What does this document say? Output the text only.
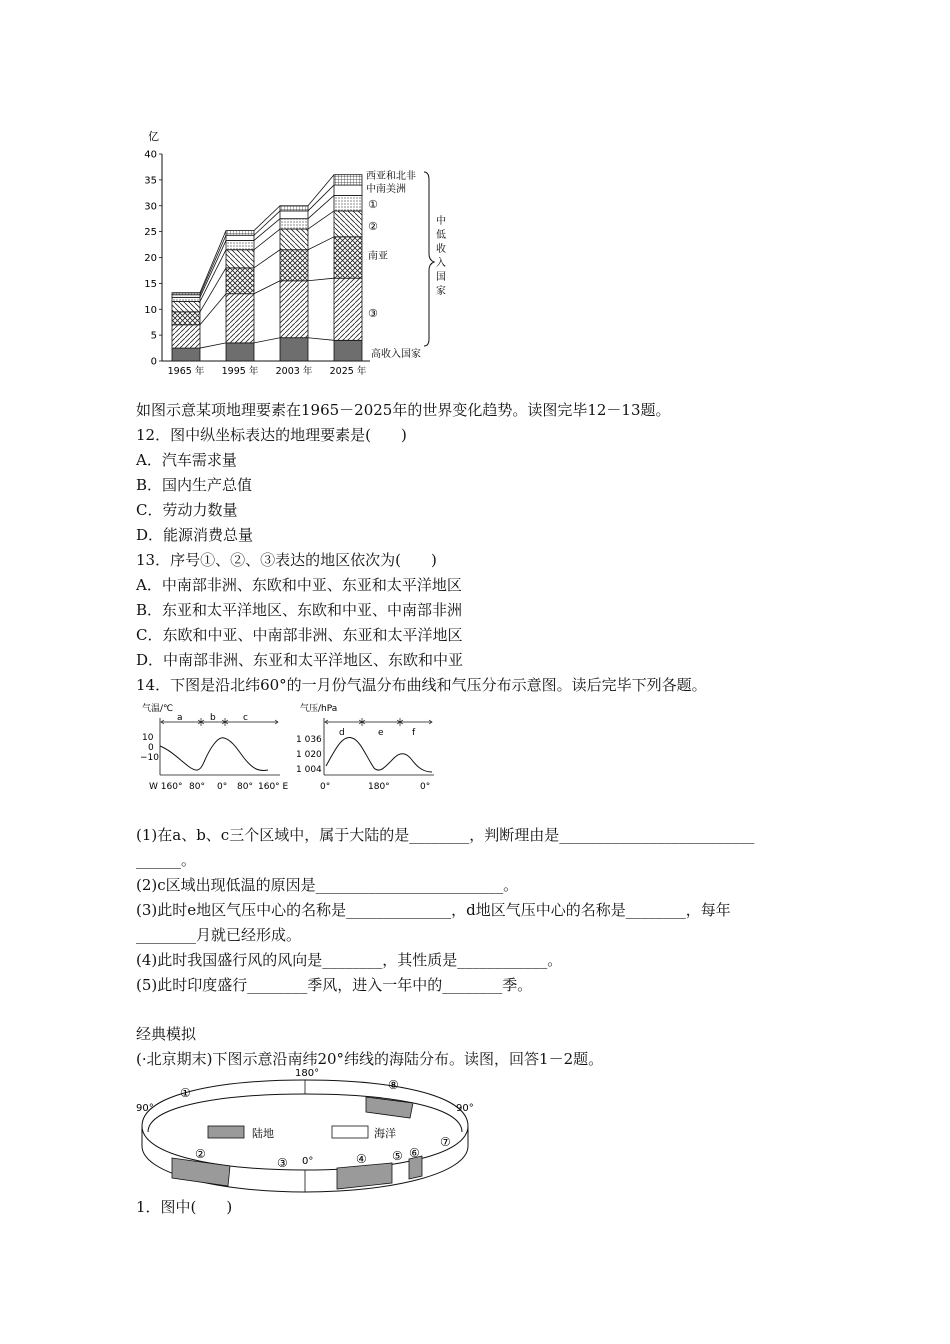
亿
40
35
30
25
20
15
10
5
0
1965 年 1995 年 2003 年 2025 年
西亚和北非
中南美洲
①
②
南亚
③
高收入国家
中
低
收
入
国
家
如图示意某项地理要素在1965－2025年的世界变化趋势。读图完毕12－13题。
12．图中纵坐标表达的地理要素是(　　)
A．汽车需求量
B．国内生产总值
C．劳动力数量
D．能源消费总量
13．序号①、②、③表达的地区依次为(　　)
A．中南部非洲、东欧和中亚、东亚和太平洋地区
B．东亚和太平洋地区、东欧和中亚、中南部非洲
C．东欧和中亚、中南部非洲、东亚和太平洋地区
D．中南部非洲、东亚和太平洋地区、东欧和中亚
14．下图是沿北纬60°的一月份气温分布曲线和气压分布示意图。读后完毕下列各题。
气温/℃
a	b	c
10
0
−10
W 160° 80° 0° 80° 160° E
气压/hPa
d	e	f
1 036
1 020
1 004
0°	180°	0°
(1)在a、b、c三个区域中，属于大陆的是________，判断理由是__________________________
______。
(2)c区域出现低温的原因是_________________________。
(3)此时e地区气压中心的名称是______________，d地区气压中心的名称是________，每年
________月就已经形成。
(4)此时我国盛行风的风向是________，其性质是____________。
(5)此时印度盛行________季风，进入一年中的________季。
经典模拟
(·北京期末)下图示意沿南纬20°纬线的海陆分布。读图，回答1－2题。
陆地	海洋
180°
90°	90°
0°
①
②
③	④ ⑤ ⑥
⑦
⑧
1．图中(　　)
